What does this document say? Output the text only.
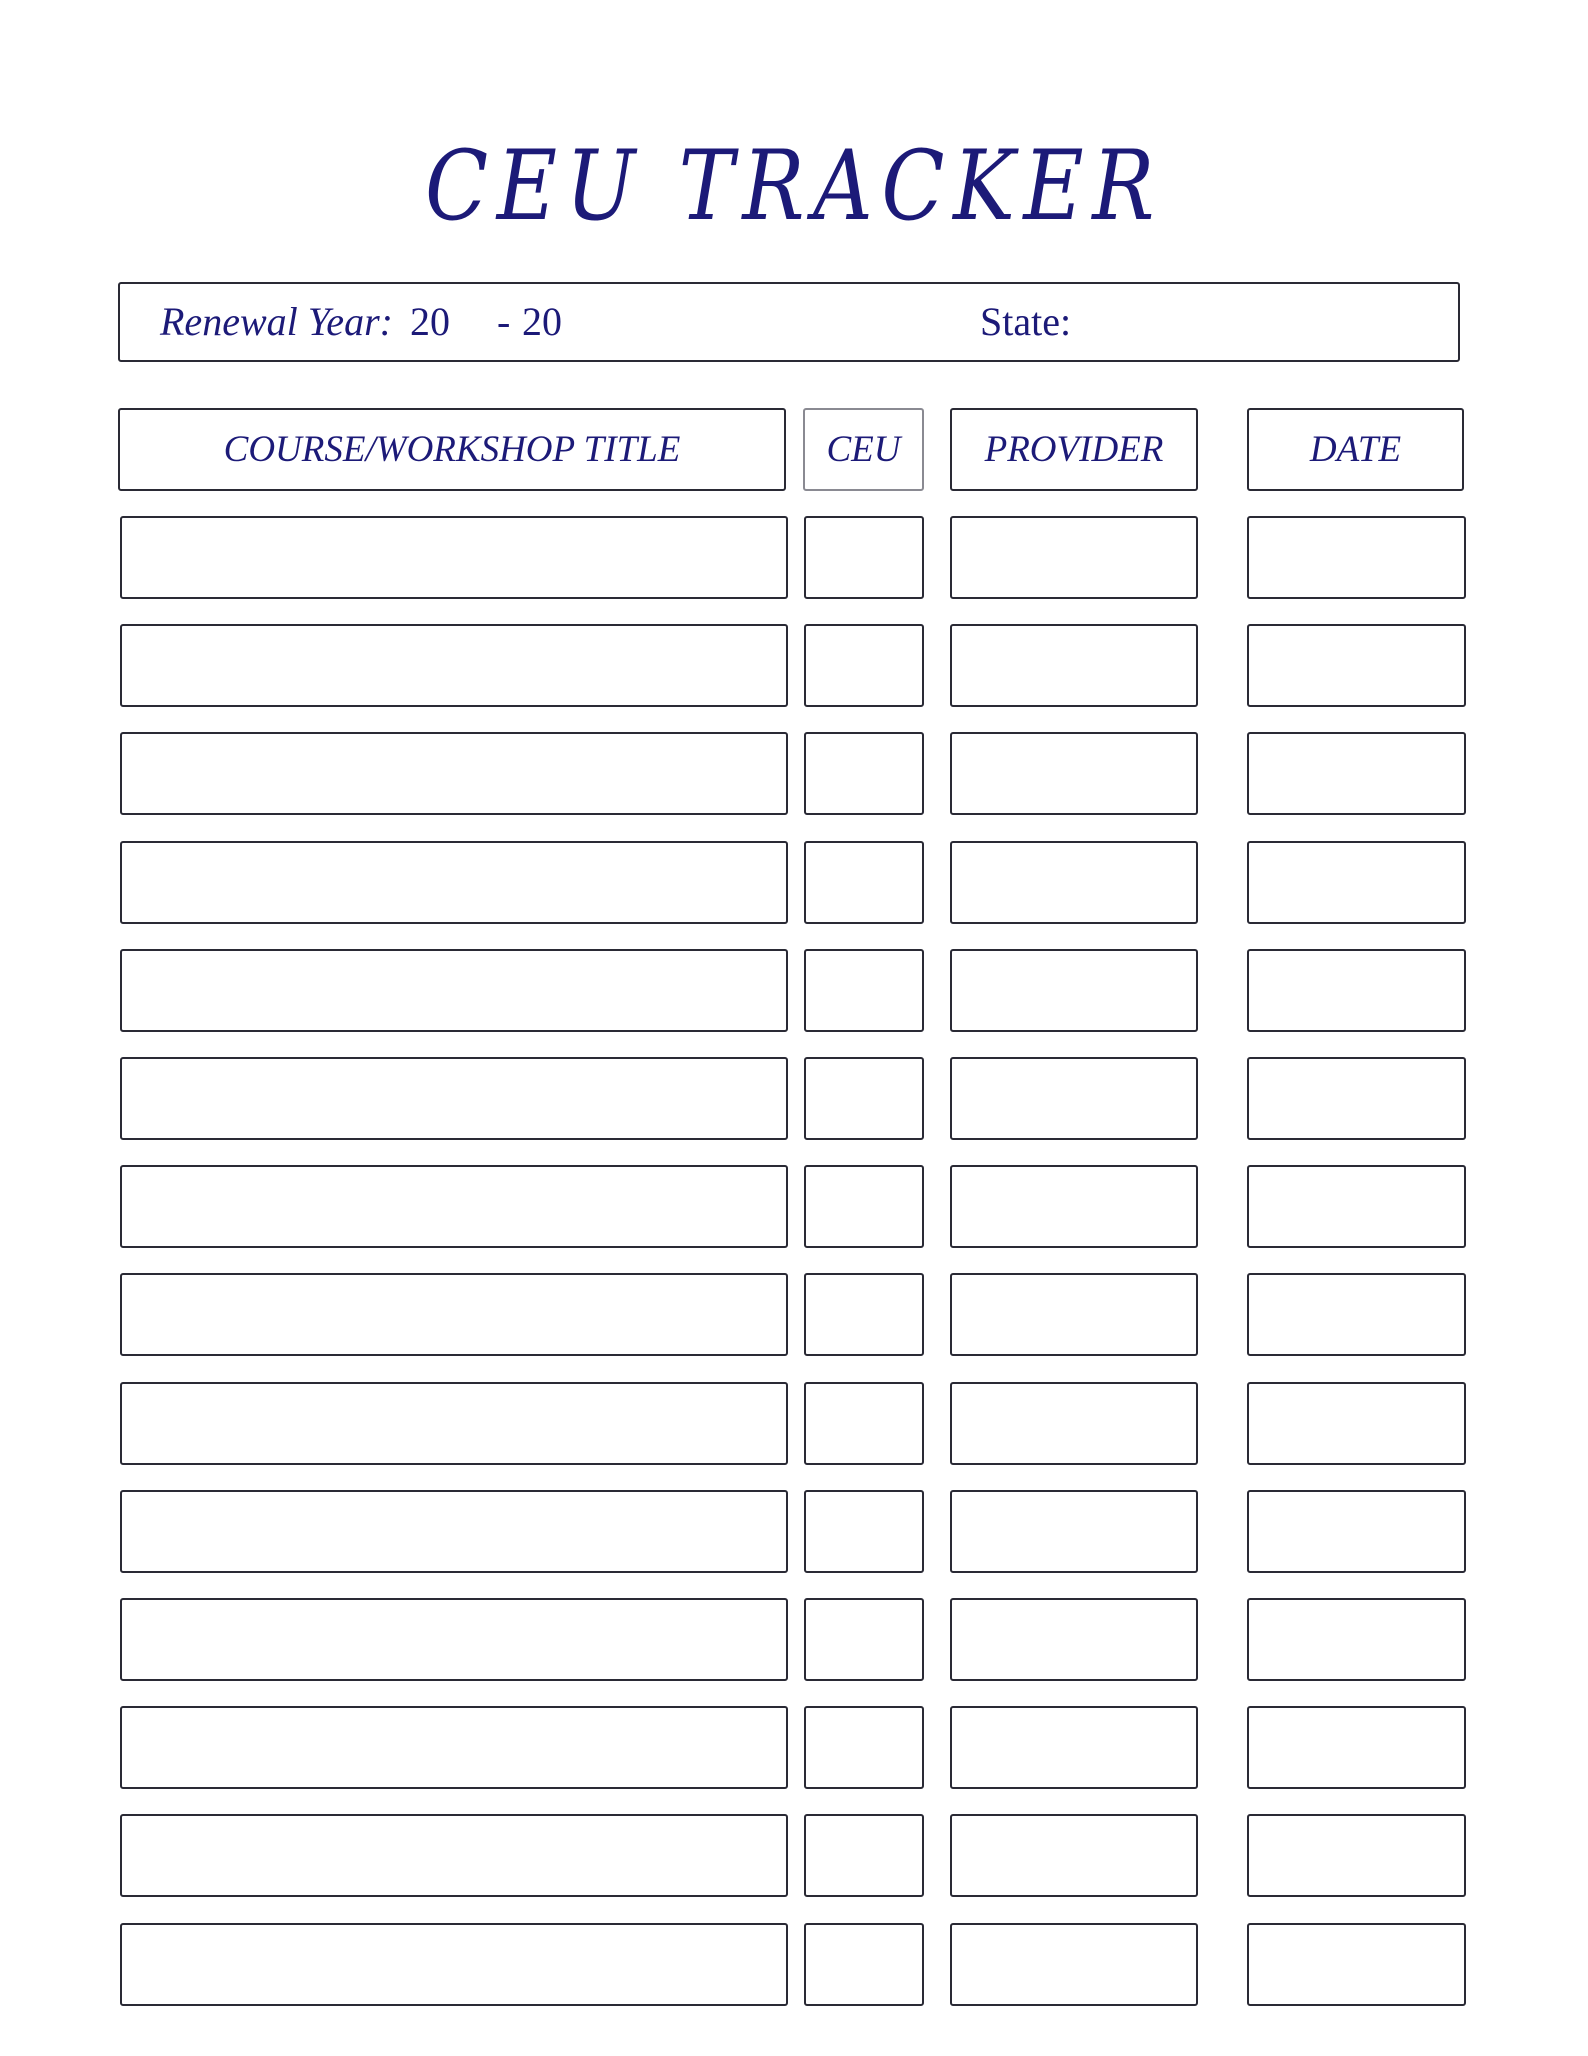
CEU TRACKER
Renewal Year: 20 - 20	State:
COURSE/WORKSHOP TITLE	CEU	PROVIDER	DATE
